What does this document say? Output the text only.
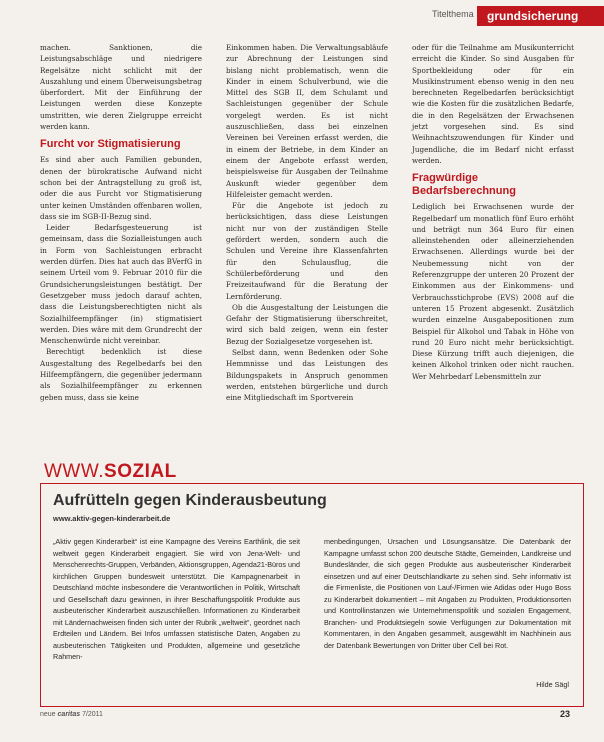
Titelthema	grundsicherung

machen. Sanktionen, die Leistungsabschläge und niedrigere Regelsätze nicht schlicht mit der Auszahlung und einem Überweisungsbetrag überfordert. Mit der Einführung der Leistungen werden diese Konzepte umstritten, wie deren Zielgruppe erreicht werden kann.

Furcht vor Stigmatisierung

Es sind aber auch Familien gebunden, denen der bürokratische Aufwand nicht schon bei der Antragstellung zu groß ist, oder die aus Furcht vor Stigmatisierung unter keinen Umständen offenbaren wollen, dass sie im SGB-II-Bezug sind.

Leider Bedarfsgesteuerung ist gemeinsam, dass die Sozialleistungen auch in Form von Sachleistungen erbracht werden dürfen. Dies hat auch das BVerfG in seinem Urteil vom 9. Februar 2010 für die Grundsicherungsleistungen bestätigt. Der Gesetzgeber muss jedoch darauf achten, dass die Leistungsberechtigten nicht als Sozialhilfeempfänger (in) stigmatisiert werden. Dies wäre mit dem Grundrecht der Menschenwürde nicht vereinbar.

Berechtigt bedenklich ist diese Ausgestaltung des Regelbedarfs bei den Hilfeempfängern, die gegenüber jedermann als Sozialhilfeempfänger zu erkennen geben muss, dass sie keine

Einkommen haben. Die Verwaltungsabläufe zur Abrechnung der Leistungen sind bislang nicht problematisch, wenn die Kinder in einem Schulverbund, wie die Mittel des SGB II, dem Schulamt und Sachleistungen gegenüber der Schule vorgelegt werden. Es ist nicht auszuschließen, dass bei einzelnen Vereinen bei Vereinen erfasst werden, die in einem der Betriebe, in dem Kinder an einem der Angebote erfasst werden, beispielsweise für Ausgaben der Teilnahme Auskunft wieder gegenüber dem Hilfeleister gemacht werden.

Für die Angebote ist jedoch zu berücksichtigen, dass diese Leistungen nicht nur von der zuständigen Stelle gefördert werden, sondern auch die Schulen und Vereine ihre Klassenfahrten für den Schulausflug, die Schülerbeförderung und den Freizeitaufwand für die Beratung der Lernförderung.

Ob die Ausgestaltung der Leistungen die Gefahr der Stigmatisierung überschreitet, wird sich bald zeigen, wenn ein fester Bezug der Sozialgesetze vorgesehen ist.

Selbst dann, wenn Bedenken oder Sohe Hemmnisse und das Leistungen des Bildungspakets in Anspruch genommen werden, entstehen bürgerliche und durch eine Mitgliedschaft im Sportverein

oder für die Teilnahme am Musikunterricht erreicht die Kinder. So sind Ausgaben für Sportbekleidung oder für ein Musikinstrument ebenso wenig in den neu berechneten Regelbedarfen berücksichtigt wie die Kosten für die zusätzlichen Bedarfe, die in den Regelsätzen der Erwachsenen jetzt vorgesehen sind. Es sind Weihnachtszuwendungen für Kinder und Jugendliche, die im Bedarf nicht erfasst werden.

Fragwürdige Bedarfsberechnung

Lediglich bei Erwachsenen wurde der Regelbedarf um monatlich fünf Euro erhöht und beträgt nun 364 Euro für einen alleinstehenden oder alleinerziehenden Erwachsenen. Allerdings wurde bei der Neubemessung nicht von der Referenzgruppe der unteren 20 Prozent der Einkommen aus der Einkommens- und Verbrauchsstichprobe (EVS) 2008 auf die unteren 15 Prozent abgesenkt. Zusätzlich wurden einzelne Ausgabepositionen zum Beispiel für Alkohol und Tabak in Höhe von rund 20 Euro nicht mehr berücksichtigt. Diese Kürzung trifft auch diejenigen, die keinen Alkohol trinken oder nicht rauchen. Wer Mehrbedarf Lebensmitteln zur

WWW.SOZIAL
Aufrütteln gegen Kinderausbeutung
www.aktiv-gegen-kinderarbeit.de
„Aktiv gegen Kinderarbeit“ ist eine Kampagne des Vereins Earthlink, die seit weltweit gegen Kinderarbeit engagiert. Sie wird von Jena-Welt- und Menschenrechts-Gruppen, Verbänden, Aktionsgruppen, Agenda21-Büros und kirchlichen Gruppen bundesweit unterstützt. Die Kampagnenarbeit in Deutschland möchte insbesondere die Verantwortlichen in Politik, Wirtschaft und Gesellschaft dazu gewinnen, in ihrer Beschaffungspolitik Produkte aus ausbeuterischer Kinderarbeit auszuschließen. Informationen zu Kinderarbeit mit Ländernachweisen finden sich unter der Rubrik „weltweit“, geordnet nach Erdteilen und Ländern. Bei Infos umfassen statistische Daten, Angaben zu ausbeuterischen Tätigkeiten und Produkten, allgemeine und gesetzliche Rahmen-
menbedingungen, Ursachen und Lösungsansätze. Die Datenbank der Kampagne umfasst schon 200 deutsche Städte, Gemeinden, Landkreise und Bundesländer, die sich gegen Produkte aus ausbeuterischer Kinderarbeit einsetzen und auf einer Deutschlandkarte zu sehen sind. Sehr informativ ist die Firmenliste, die Positionen von Lauf-/Firmen wie Adidas oder Hugo Boss zu Kinderarbeit dokumentiert – mit Angaben zu Produkten, Produktionsorten und Kontrollinstanzen wie Unternehmenspolitik und sozialen Engagement, Branchen- und Produktsiegeln sowie Verfügungen zur Dokumentation mit Kommentaren, in den Angaben gesammelt, ausgewählt im Nachhinein aus der Datenbank Bewertungen von Dritter über Cell bei Rot.
Hilde Sägl
neue caritas 7/2011	23
